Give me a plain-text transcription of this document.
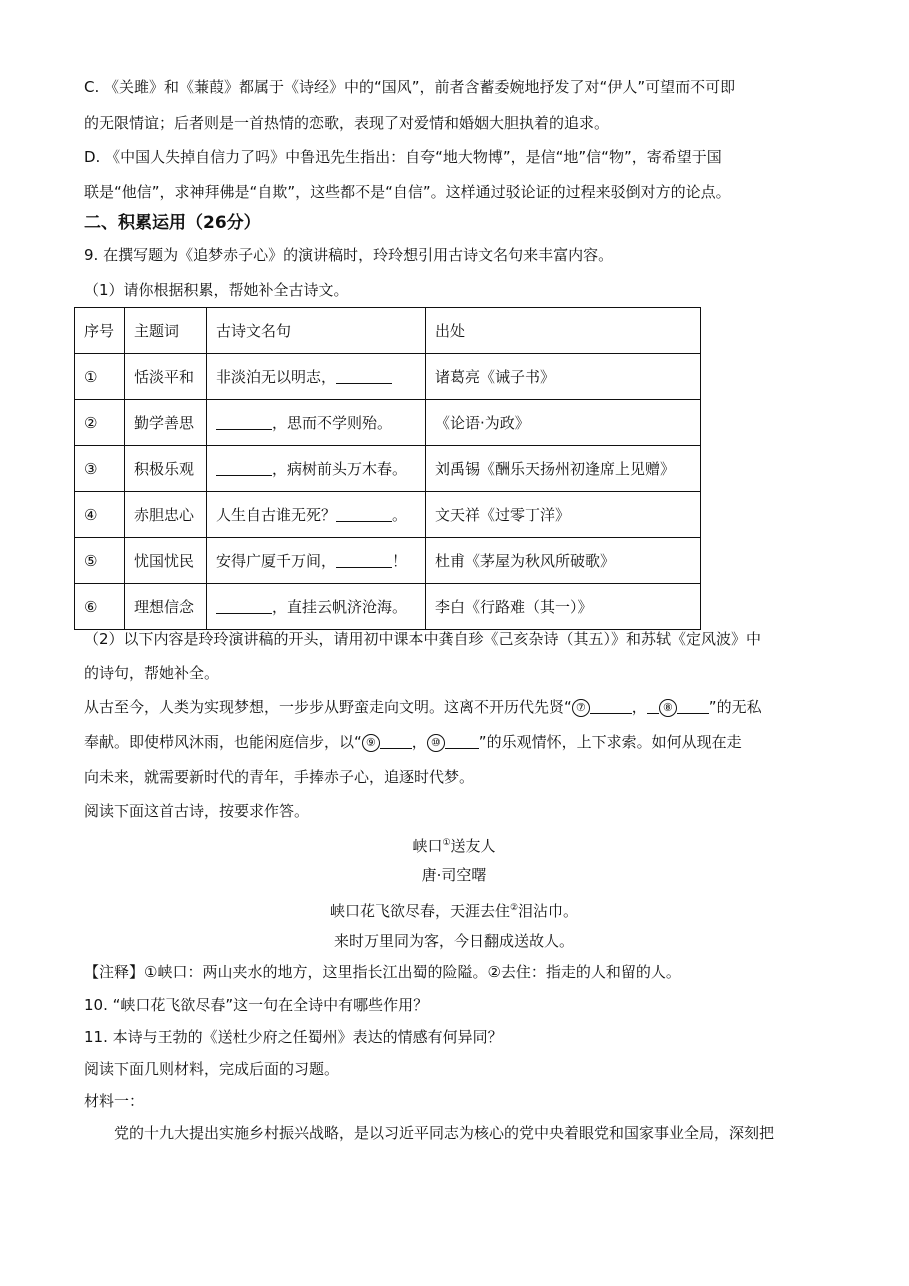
C. 《关雎》和《蒹葭》都属于《诗经》中的“国风”，前者含蓄委婉地抒发了对“伊人”可望而不可即
的无限情谊；后者则是一首热情的恋歌，表现了对爱情和婚姻大胆执着的追求。
D. 《中国人失掉自信力了吗》中鲁迅先生指出：自夸“地大物博”，是信“地”信“物”，寄希望于国
联是“他信”，求神拜佛是“自欺”，这些都不是“自信”。这样通过驳论证的过程来驳倒对方的论点。
二、积累运用（26分）
9. 在撰写题为《追梦赤子心》的演讲稿时，玲玲想引用古诗文名句来丰富内容。
（1）请你根据积累，帮她补全古诗文。
序号	主题词	古诗文名句	出处
①	恬淡平和	非淡泊无以明志，	诸葛亮《诫子书》
②	勤学善思	，思而不学则殆。	《论语·为政》
③	积极乐观	，病树前头万木春。	刘禹锡《酬乐天扬州初逢席上见赠》
④	赤胆忠心	人生自古谁无死？ 。	文天祥《过零丁洋》
⑤	忧国忧民	安得广厦千万间， ！	杜甫《茅屋为秋风所破歌》
⑥	理想信念	，直挂云帆济沧海。	李白《行路难（其一）》
（2）以下内容是玲玲演讲稿的开头，请用初中课本中龚自珍《己亥杂诗（其五）》和苏轼《定风波》中
的诗句，帮她补全。
从古至今，人类为实现梦想，一步步从野蛮走向文明。这离不开历代先贤“ ⑦	， ⑧ ”的无私
奉献。即使栉风沐雨，也能闲庭信步，以“ ⑨ ， ⑩	”的乐观情怀，上下求索。如何从现在走
向未来，就需要新时代的青年，手捧赤子心，追逐时代梦。
阅读下面这首古诗，按要求作答。
峡口①送友人
唐·司空曙
峡口花飞欲尽春，天涯去住②泪沾巾。
来时万里同为客，今日翻成送故人。
【注释】①峡口：两山夹水的地方，这里指长江出蜀的险隘。②去住：指走的人和留的人。
10. “峡口花飞欲尽春”这一句在全诗中有哪些作用？
11. 本诗与王勃的《送杜少府之任蜀州》表达的情感有何异同？
阅读下面几则材料，完成后面的习题。
材料一：
党的十九大提出实施乡村振兴战略，是以习近平同志为核心的党中央着眼党和国家事业全局，深刻把
